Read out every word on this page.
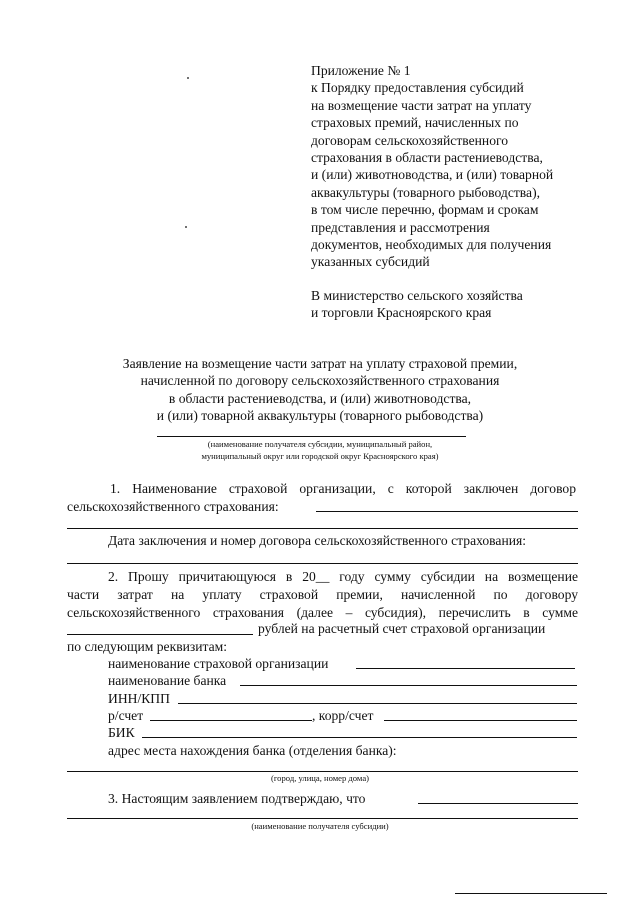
Приложение № 1
к Порядку предоставления субсидий
на возмещение части затрат на уплату
страховых премий, начисленных по
договорам сельскохозяйственного
страхования в области растениеводства,
и (или) животноводства, и (или) товарной
аквакультуры (товарного рыбоводства),
в том числе перечню, формам и срокам
представления и рассмотрения
документов, необходимых для получения
указанных субсидий
В министерство сельского хозяйства
и торговли Красноярского края
Заявление на возмещение части затрат на уплату страховой премии,
начисленной по договору сельскохозяйственного страхования
в области растениеводства, и (или) животноводства,
и (или) товарной аквакультуры (товарного рыбоводства)
(наименование получателя субсидии, муниципальный район,
муниципальный округ или городской округ Красноярского края)
1. Наименование страховой организации, с которой заключен договор
сельскохозяйственного страхования:
Дата заключения и номер договора сельскохозяйственного страхования:
2. Прошу причитающуюся в 20__ году сумму субсидии на возмещение
части затрат на уплату страховой премии, начисленной по договору
сельскохозяйственного страхования (далее – субсидия), перечислить в сумме
рублей на расчетный счет страховой организации
по следующим реквизитам:
наименование страховой организации
наименование банка
ИНН/КПП
р/счет	, корр/счет
БИК
адрес места нахождения банка (отделения банка):
(город, улица, номер дома)
3. Настоящим заявлением подтверждаю, что
(наименование получателя субсидии)
